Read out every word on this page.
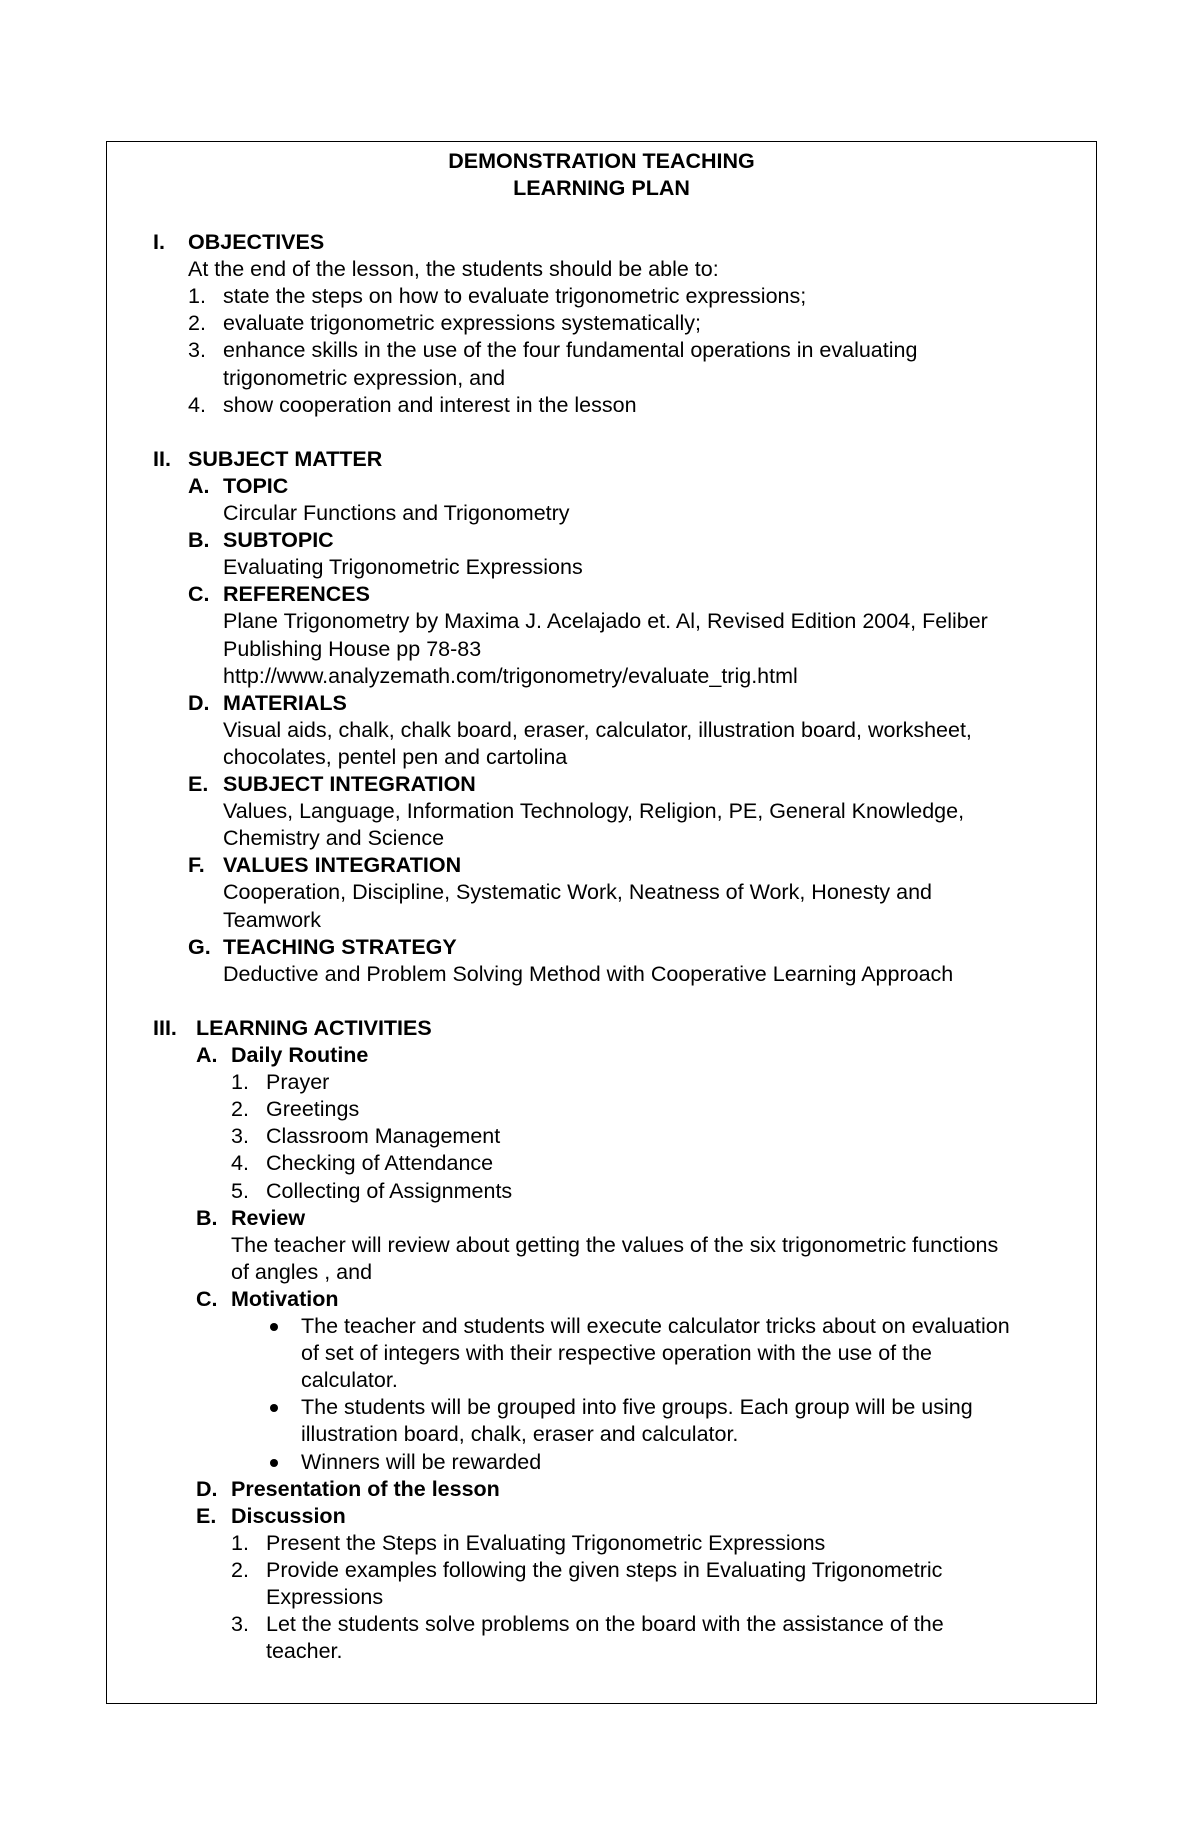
DEMONSTRATION TEACHING
LEARNING PLAN
I. OBJECTIVES
At the end of the lesson, the students should be able to:
1. state the steps on how to evaluate trigonometric expressions;
2. evaluate trigonometric expressions systematically;
3. enhance skills in the use of the four fundamental operations in evaluating
trigonometric expression, and
4. show cooperation and interest in the lesson
II. SUBJECT MATTER
A. TOPIC
Circular Functions and Trigonometry
B. SUBTOPIC
Evaluating Trigonometric Expressions
C. REFERENCES
Plane Trigonometry by Maxima J. Acelajado et. Al, Revised Edition 2004, Feliber
Publishing House pp 78-83
http://www.analyzemath.com/trigonometry/evaluate_trig.html
D. MATERIALS
Visual aids, chalk, chalk board, eraser, calculator, illustration board, worksheet,
chocolates, pentel pen and cartolina
E. SUBJECT INTEGRATION
Values, Language, Information Technology, Religion, PE, General Knowledge,
Chemistry and Science
F. VALUES INTEGRATION
Cooperation, Discipline, Systematic Work, Neatness of Work, Honesty and
Teamwork
G. TEACHING STRATEGY
Deductive and Problem Solving Method with Cooperative Learning Approach
III. LEARNING ACTIVITIES
A. Daily Routine
1. Prayer
2. Greetings
3. Classroom Management
4. Checking of Attendance
5. Collecting of Assignments
B. Review
The teacher will review about getting the values of the six trigonometric functions
of angles , and
C. Motivation
The teacher and students will execute calculator tricks about on evaluation
of set of integers with their respective operation with the use of the
calculator.
The students will be grouped into five groups. Each group will be using
illustration board, chalk, eraser and calculator.
Winners will be rewarded
D. Presentation of the lesson
E. Discussion
1. Present the Steps in Evaluating Trigonometric Expressions
2. Provide examples following the given steps in Evaluating Trigonometric
Expressions
3. Let the students solve problems on the board with the assistance of the
teacher.
